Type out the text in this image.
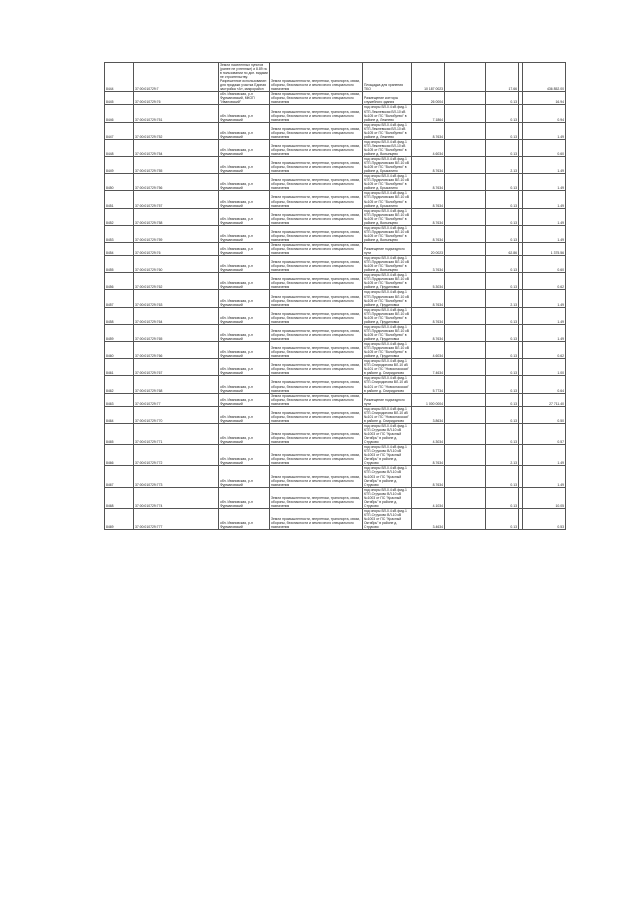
8444	37:00:010729:7	Земли населенных пунктов (ранее не учтенные) и 8.89 га в пользовании по доп. видами не строительству. Разрешенное использование: для продажи участка Единая застройка «А», микрорайон	Земли промышленности, энергетики, транспорта, связи, обороны, безопасности и земли иного специального назначения	Площадка для хранения ТБО	10 187 0023		17.66		436 852.00
8445	37:00:010729:76	обл. Ивановская, р-н Фурмановский, МКОП "Ивановский"	Земли промышленности, энергетики, транспорта, связи, обороны, безопасности и земли иного специального назначения	Размещение конторы служебного здания	26 0004		0.13		16.94
8446	37:00:010729:751	обл. Ивановская, р-н Фурмановский	Земли промышленности, энергетики, транспорта, связи, обороны, безопасности и земли иного специального назначения	под опоры ВЛ-0.4 кВ фид.1 КТП-Лежневская ВЛ-10 кВ №105 от ПС "Волобуево" в районе д. Лежнево	7.1864		0.13		0.94
8447	37:00:010729:752	обл. Ивановская, р-н Фурмановский	Земли промышленности, энергетики, транспорта, связи, обороны, безопасности и земли иного специального назначения	под опоры ВЛ-0.4 кВ фид.1 КТП-Лежневская ВЛ-10 кВ №105 от ПС "Волобуево" в районе д. Лежнево	8.7634		0.13		1.49
8448	37:00:010729:754	обл. Ивановская, р-н Фурмановский	Земли промышленности, энергетики, транспорта, связи, обороны, безопасности и земли иного специального назначения	под опоры ВЛ-0.4 кВ фид.1 КТП-Лежневская ВЛ-10 кВ №105 от ПС "Волобуево" в районе д. Волынцево	4.6034		0.13		0.60
8449	37:00:010729:755	обл. Ивановская, р-н Фурмановский	Земли промышленности, энергетики, транспорта, связи, обороны, безопасности и земли иного специального назначения	под опоры ВЛ-0.4 кВ фид.1 КТП-Прудиловская ВЛ-10 кВ №105 от ПС "Волобуево" в районе д. Брыкалино	8.7634		2.13		1.49
8450	37:00:010729:756	обл. Ивановская, р-н Фурмановский	Земли промышленности, энергетики, транспорта, связи, обороны, безопасности и земли иного специального назначения	под опоры ВЛ-0.4 кВ фид.1 КТП-Прудиловская ВЛ-10 кВ №105 от ПС "Волобуево" в районе д. Брыкалино	8.7634		0.13		1.49
8451	37:00:010729:757	обл. Ивановская, р-н Фурмановский	Земли промышленности, энергетики, транспорта, связи, обороны, безопасности и земли иного специального назначения	под опоры ВЛ-0.4 кВ фид.1 КТП-Прудиловская ВЛ-10 кВ №105 от ПС "Волобуево" в районе д. Брыкалино	8.7634		0.13		1.49
8452	37:00:010729:758	обл. Ивановская, р-н Фурмановский	Земли промышленности, энергетики, транспорта, связи, обороны, безопасности и земли иного специального назначения	под опоры ВЛ-0.4 кВ фид.1 КТП-Прудиловская ВЛ-10 кВ №105 от ПС "Волобуево" в районе д. Волынцево	8.7634		0.13		1.49
8453	37:00:010729:759	обл. Ивановская, р-н Фурмановский	Земли промышленности, энергетики, транспорта, связи, обороны, безопасности и земли иного специального назначения	под опоры ВЛ-0.4 кВ фид.1 КТП-Прудиловская ВЛ-10 кВ №105 от ПС "Волобуево" в районе д. Волынцево	8.7634		0.13		1.49
8454	37:00:010729:76	обл. Ивановская, р-н Фурмановский	Земли промышленности, энергетики, транспорта, связи, обороны, безопасности и земли иного специального назначения	Размещение подъездного пути	20 0023		62.86		1 375.56
8455	37:00:010729:760	обл. Ивановская, р-н Фурмановский	Земли промышленности, энергетики, транспорта, связи, обороны, безопасности и земли иного специального назначения	под опоры ВЛ-0.4 кВ фид.1 КТП-Прудиловская ВЛ-10 кВ №105 от ПС "Волобуево" в районе д. Волынцево	3.7634		0.13		0.60
8456	37:00:010729:762	обл. Ивановская, р-н Фурмановский	Земли промышленности, энергетики, транспорта, связи, обороны, безопасности и земли иного специального назначения	под опоры ВЛ-0.4 кВ фид.1 КТП-Прудиловская ВЛ-10 кВ №105 от ПС "Волобуево" в районе д. Прудиловка	5.3034		0.13		0.62
8457	37:00:010729:763	обл. Ивановская, р-н Фурмановский	Земли промышленности, энергетики, транспорта, связи, обороны, безопасности и земли иного специального назначения	под опоры ВЛ-0.4 кВ фид.1 КТП-Прудиловская ВЛ-10 кВ №105 от ПС "Волобуево" в районе д. Прудиловка	8.7634		2.13		1.49
8458	37:00:010729:764	обл. Ивановская, р-н Фурмановский	Земли промышленности, энергетики, транспорта, связи, обороны, безопасности и земли иного специального назначения	под опоры ВЛ-0.4 кВ фид.1 КТП-Прудиловская ВЛ-10 кВ №105 от ПС "Волобуево" в районе д. Прудиловка	8.7634		0.13		1.49
8459	37:00:010729:765	обл. Ивановская, р-н Фурмановский	Земли промышленности, энергетики, транспорта, связи, обороны, безопасности и земли иного специального назначения	под опоры ВЛ-0.4 кВ фид.1 КТП-Прудиловская ВЛ-10 кВ №105 от ПС "Волобуево" в районе д. Прудиловка	8.7634		0.13		1.49
8460	37:00:010729:766	обл. Ивановская, р-н Фурмановский	Земли промышленности, энергетики, транспорта, связи, обороны, безопасности и земли иного специального назначения	под опоры ВЛ-0.4 кВ фид.1 КТП-Прудиловская ВЛ-10 кВ №105 от ПС "Волобуево" в районе д. Прудиловка	4.6034		0.13		0.62
8461	37:00:010729:767	обл. Ивановская, р-н Фурмановский	Земли промышленности, энергетики, транспорта, связи, обороны, безопасности и земли иного специального назначения	под опоры ВЛ-0.4 кВ фид.1 КТП-Спиридонова ВЛ-10 кВ №101 от ПС "Новоспасская" в районе д. Спиридоново	7.4634		0.13		1.00
8462	37:00:010729:768	обл. Ивановская, р-н Фурмановский	Земли промышленности, энергетики, транспорта, связи, обороны, безопасности и земли иного специального назначения	под опоры ВЛ-0.4 кВ фид.1 КТП-Спиридонова ВЛ-10 кВ №101 от ПС "Новоспасская" в районе д. Спиридоново	5.7734		0.13		0.64
8463	37:00:010729:77	обл. Ивановская, р-н Фурмановский	Земли промышленности, энергетики, транспорта, связи, обороны, безопасности и земли иного специального назначения	Размещение подъездного пути	1 000 0004		0.13		27 711.40
8464	37:00:010729:770	обл. Ивановская, р-н Фурмановский	Земли промышленности, энергетики, транспорта, связи, обороны, безопасности и земли иного специального назначения	под опоры ВЛ-0.4 кВ фид.1 КТП-Спиридонова ВЛ-10 кВ №101 от ПС "Новоспасская" в районе д. Спиридоново	3.8634		0.13		0.50
8465	37:00:010729:771	обл. Ивановская, р-н Фурмановский	Земли промышленности, энергетики, транспорта, связи, обороны, безопасности и земли иного специального назначения	под опоры ВЛ-0.4 кВ фид.1 КТП-Струково ВЛ-10 кВ №1003 от ПС "Красный Октябрь" в районе д. Струково	4.3034		0.13		0.57
8466	37:00:010729:772	обл. Ивановская, р-н Фурмановский	Земли промышленности, энергетики, транспорта, связи, обороны, безопасности и земли иного специального назначения	под опоры ВЛ-0.4 кВ фид.1 КТП-Струково ВЛ-10 кВ №1003 от ПС "Красный Октябрь" в районе д. Струково	8.7634		2.13		1.49
8467	37:00:010729:773	обл. Ивановская, р-н Фурмановский	Земли промышленности, энергетики, транспорта, связи, обороны, безопасности и земли иного специального назначения	под опоры ВЛ-0.4 кВ фид.1 КТП-Струково ВЛ-10 кВ №1003 от ПС "Красный Октябрь" в районе д. Струково	8.7634		0.13		1.49
8468	37:00:010729:774	обл. Ивановская, р-н Фурмановский	Земли промышленности, энергетики, транспорта, связи, обороны, безопасности и земли иного специального назначения	под опоры ВЛ-0.4 кВ фид.1 КТП-Струково ВЛ-10 кВ №1003 от ПС "Красный Октябрь" в районе д. Струково	4.1034		0.13		10.05
8469	37:00:010729:777	обл. Ивановская, р-н Фурмановский	Земли промышленности, энергетики, транспорта, связи, обороны, безопасности и земли иного специального назначения	под опоры ВЛ-0.4 кВ фид.1 КТП-Струково ВЛ-10 кВ №1003 от ПС "Красный Октябрь" в районе д. Струково	3.4634		0.13		0.53
